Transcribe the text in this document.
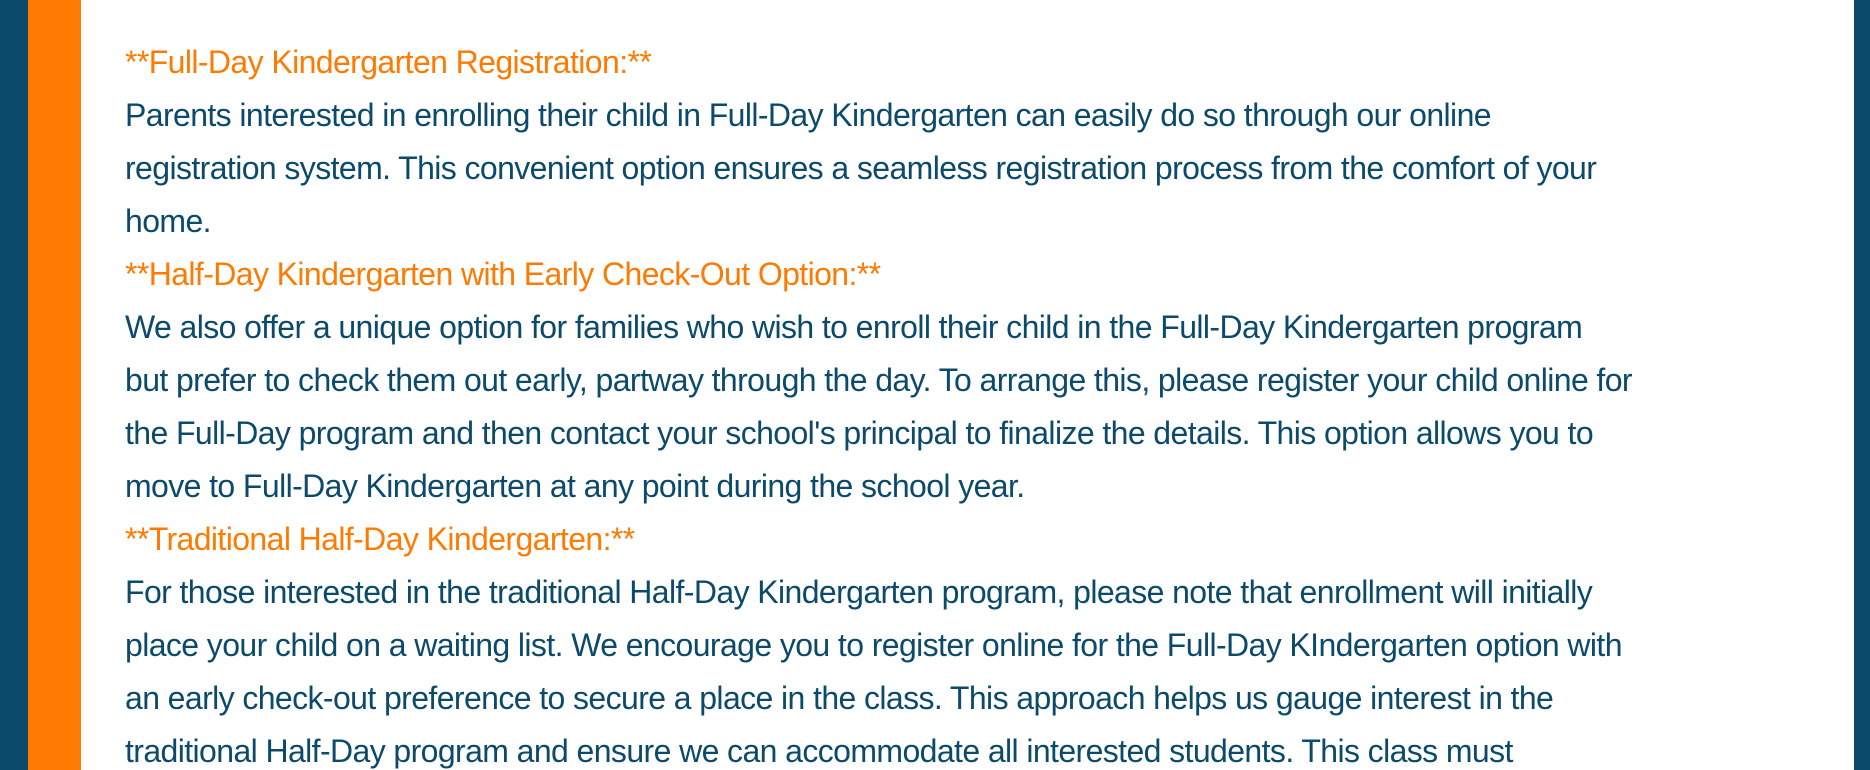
**Full-Day Kindergarten Registration:**

Parents interested in enrolling their child in Full-Day Kindergarten can easily do so through our online
registration system. This convenient option ensures a seamless registration process from the comfort of your
home.

**Half-Day Kindergarten with Early Check-Out Option:**

We also offer a unique option for families who wish to enroll their child in the Full-Day Kindergarten program
but prefer to check them out early, partway through the day. To arrange this, please register your child online for
the Full-Day program and then contact your school's principal to finalize the details. This option allows you to
move to Full-Day Kindergarten at any point during the school year.

**Traditional Half-Day Kindergarten:**

For those interested in the traditional Half-Day Kindergarten program, please note that enrollment will initially
place your child on a waiting list. We encourage you to register online for the Full-Day KIndergarten option with
an early check-out preference to secure a place in the class. This approach helps us gauge interest in the
traditional Half-Day program and ensure we can accommodate all interested students. This class must
